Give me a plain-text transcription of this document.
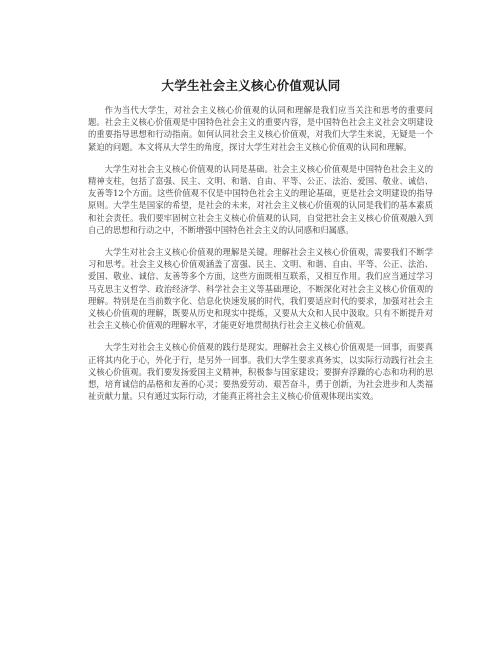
大学生社会主义核心价值观认同

作为当代大学生，对社会主义核心价值观的认同和理解是我们应当关注和思考的重要问题。社会主义核心价值观是中国特色社会主义的重要内容，是中国特色社会主义社会文明建设的重要指导思想和行动指南。如何认同社会主义核心价值观，对我们大学生来说，无疑是一个紧迫的问题。本文将从大学生的角度，探讨大学生对社会主义核心价值观的认同和理解。

大学生对社会主义核心价值观的认同是基础。社会主义核心价值观是中国特色社会主义的精神支柱，包括了富强、民主、文明、和谐、自由、平等、公正、法治、爱国、敬业、诚信、友善等12个方面。这些价值观不仅是中国特色社会主义的理论基础，更是社会文明建设的指导原则。大学生是国家的希望，是社会的未来，对社会主义核心价值观的认同是我们的基本素质和社会责任。我们要牢固树立社会主义核心价值观的认同，自觉把社会主义核心价值观融入到自己的思想和行动之中，不断增强中国特色社会主义的认同感和归属感。

大学生对社会主义核心价值观的理解是关键。理解社会主义核心价值观，需要我们不断学习和思考。社会主义核心价值观涵盖了富强、民主、文明、和谐、自由、平等、公正、法治、爱国、敬业、诚信、友善等多个方面，这些方面既相互联系，又相互作用。我们应当通过学习马克思主义哲学、政治经济学、科学社会主义等基础理论，不断深化对社会主义核心价值观的理解。特别是在当前数字化、信息化快速发展的时代，我们要适应时代的要求，加强对社会主义核心价值观的理解，既要从历史和现实中提炼，又要从大众和人民中汲取。只有不断提升对社会主义核心价值观的理解水平，才能更好地贯彻执行社会主义核心价值观。

大学生对社会主义核心价值观的践行是现实。理解社会主义核心价值观是一回事，而要真正将其内化于心，外化于行，是另外一回事。我们大学生要求真务实，以实际行动践行社会主义核心价值观。我们要发扬爱国主义精神，积极参与国家建设；要摒弃浮躁的心态和功利的思想，培育诚信的品格和友善的心灵；要热爱劳动、艰苦奋斗，勇于创新，为社会进步和人类福祉贡献力量。只有通过实际行动，才能真正将社会主义核心价值观体现出实效。
